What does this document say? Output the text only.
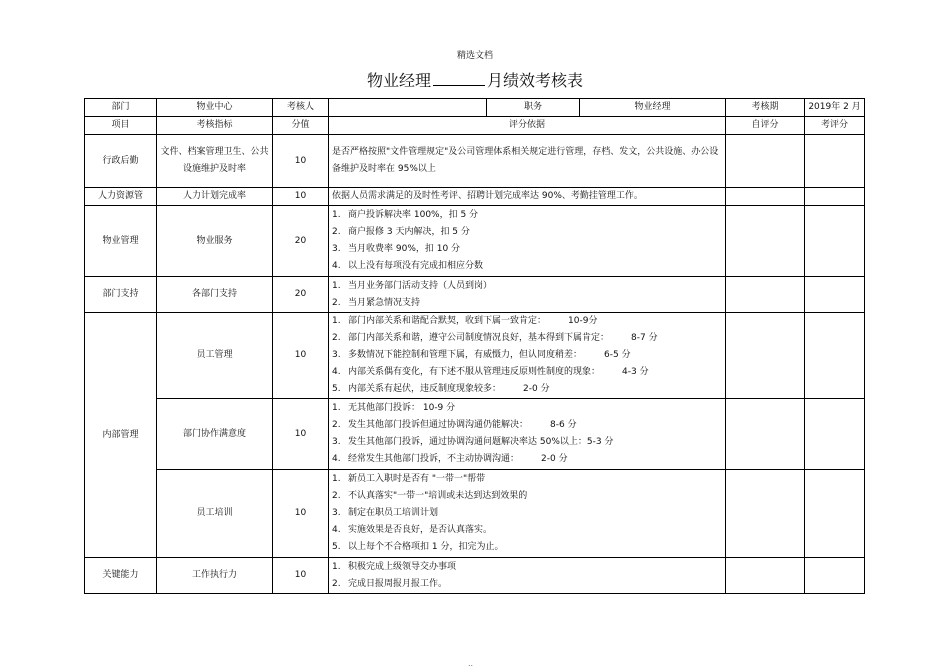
精选文档
物业经理	月绩效考核表
部门	物业中心	考核人		职务	物业经理	考核期	2019年 2 月
项目	考核指标	分值	评分依据			自评分	考评分
行政后勤	文件、档案管理卫生、公共设施维护及时率	10	是否严格按照"文件管理规定"及公司管理体系相关规定进行管理，存档、发文，公共设施、办公设备维护及时率在 95%以上				
人力资源管	人力计划完成率	10	依据人员需求满足的及时性考评、招聘计划完成率达 90%、考勤挂管理工作。				
物业管理	物业服务	20	1. 商户投诉解决率 100%，扣 5 分
2. 商户报修 3 天内解决，扣 5 分
3. 当月收费率 90%，扣 10 分
4. 以上没有每项没有完成扣相应分数				

部门支持	各部门支持	20	1. 当月业务部门活动支持（人员到岗）
2. 当月紧急情况支持				

内部管理	员工管理	10	1. 部门内部关系和谐配合默契，收到下属一致肯定： 10-9分
2. 部门内部关系和谐，遵守公司制度情况良好，基本得到下属肯定： 8-7 分
3. 多数情况下能控制和管理下属，有威慑力，但认同度稍差： 6-5 分
4. 内部关系偶有变化，有下述不服从管理违反原则性制度的现象： 4-3 分
5. 内部关系有起伏，违反制度现象较多： 2-0 分				

	部门协作满意度	10	1. 无其他部门投诉： 10-9 分
2. 发生其他部门投诉但通过协调沟通仍能解决： 8-6 分
3. 发生其他部门投诉，通过协调沟通问题解决率达 50%以上：5-3 分
4. 经常发生其他部门投诉，不主动协调沟通： 2-0 分				

	员工培训	10	1. 新员工入职时是否有 "一带一"帮带
2. 不认真落实"一带一"培训或未达到达到效果的
3. 制定在职员工培训计划
4. 实施效果是否良好，是否认真落实。
5. 以上每个不合格项扣 1 分，扣完为止。				

关键能力	工作执行力	10	1. 积极完成上级领导交办事项
2. 完成日报周报月报工作。				

..
